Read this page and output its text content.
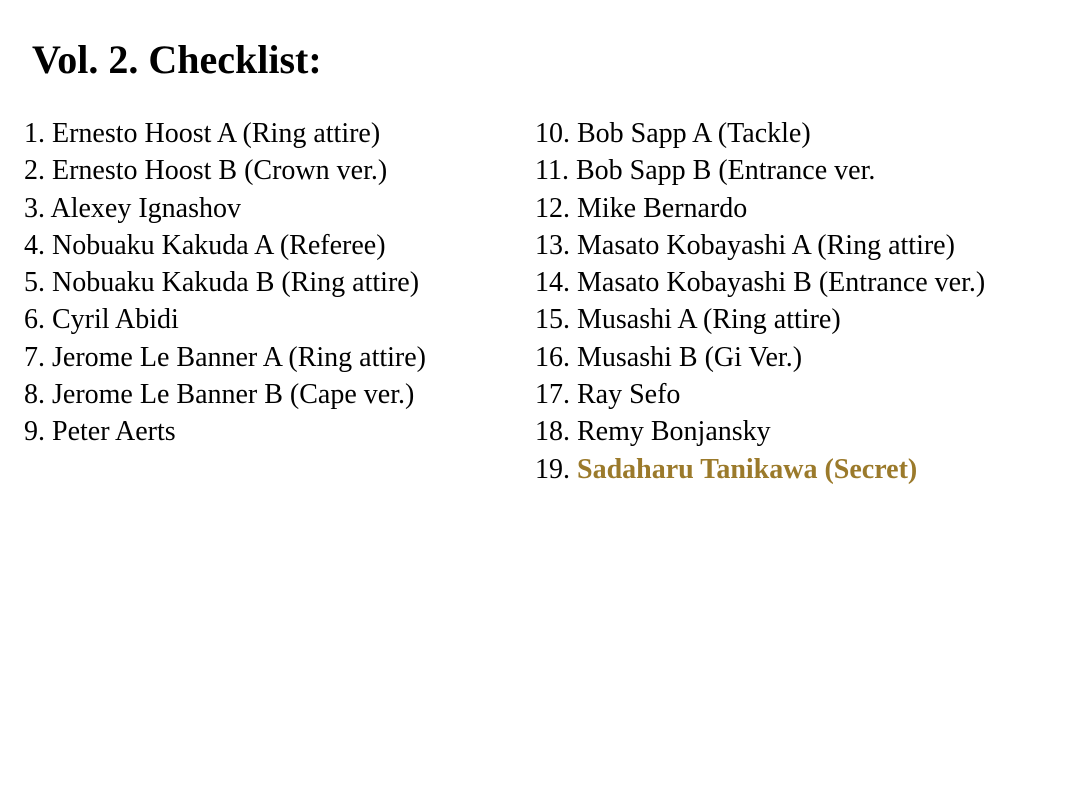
Vol. 2. Checklist:
1. Ernesto Hoost A (Ring attire)
2. Ernesto Hoost B (Crown ver.)
3. Alexey Ignashov
4. Nobuaku Kakuda A (Referee)
5. Nobuaku Kakuda B (Ring attire)
6. Cyril Abidi
7. Jerome Le Banner A (Ring attire)
8. Jerome Le Banner B (Cape ver.)
9. Peter Aerts
10. Bob Sapp A (Tackle)
11. Bob Sapp B (Entrance ver.
12. Mike Bernardo
13. Masato Kobayashi A (Ring attire)
14. Masato Kobayashi B (Entrance ver.)
15. Musashi A (Ring attire)
16. Musashi B (Gi Ver.)
17. Ray Sefo
18. Remy Bonjansky
19. Sadaharu Tanikawa (Secret)
